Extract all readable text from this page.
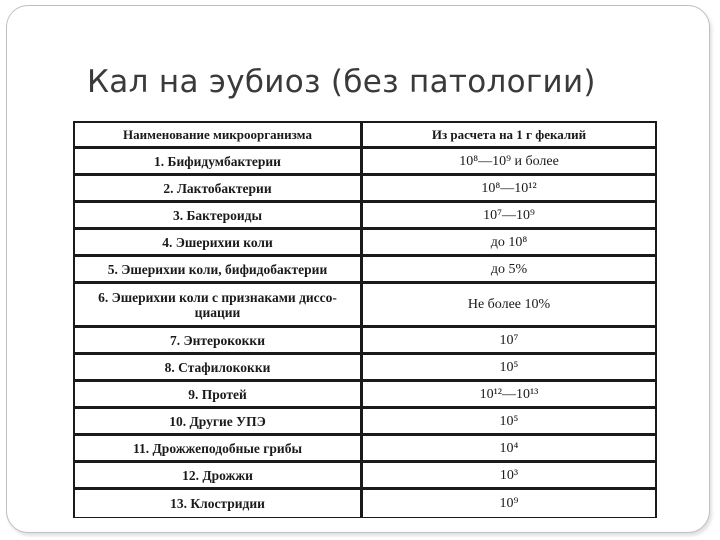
Кал на эубиоз (без патологии)
Наименование микроорганизма	Из расчета на 1 г фекалий
1. Бифидумбактерии	10⁸—10⁹ и более
2. Лактобактерии	10⁸—10¹²
3. Бактероиды	10⁷—10⁹
4. Эшерихии коли	до 10⁸
5. Эшерихии коли, бифидобактерии	до 5%
6. Эшерихии коли с признаками диссо-циации	Не более 10%
7. Энтерококки	10⁷
8. Стафилококки	10⁵
9. Протей	10¹²—10¹³
10. Другие УПЭ	10⁵
11. Дрожжеподобные грибы	10⁴
12. Дрожжи	10³
13. Клостридии	10⁹
